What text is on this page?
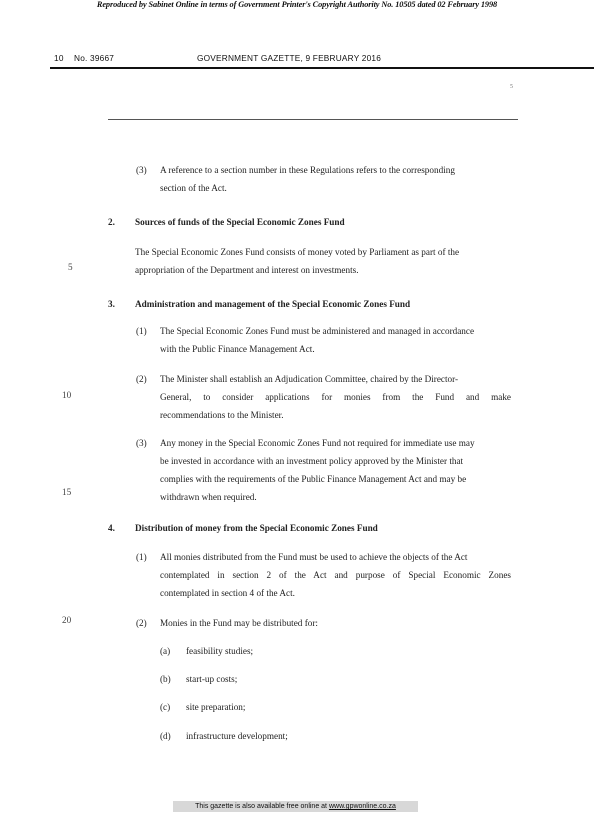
Reproduced by Sabinet Online in terms of Government Printer's Copyright Authority No. 10505 dated 02 February 1998
10 No. 39667	GOVERNMENT GAZETTE, 9 FEBRUARY 2016
5
5
10
15
20
(3) A reference to a section number in these Regulations refers to the corresponding
section of the Act.
2. Sources of funds of the Special Economic Zones Fund
The Special Economic Zones Fund consists of money voted by Parliament as part of the
appropriation of the Department and interest on investments.
3. Administration and management of the Special Economic Zones Fund
(1) The Special Economic Zones Fund must be administered and managed in accordance
with the Public Finance Management Act.
(2) The Minister shall establish an Adjudication Committee, chaired by the Director-
General, to consider applications for monies from the Fund and make
recommendations to the Minister.
(3) Any money in the Special Economic Zones Fund not required for immediate use may
be invested in accordance with an investment policy approved by the Minister that
complies with the requirements of the Public Finance Management Act and may be
withdrawn when required.
4. Distribution of money from the Special Economic Zones Fund
(1) All monies distributed from the Fund must be used to achieve the objects of the Act
contemplated in section 2 of the Act and purpose of Special Economic Zones
contemplated in section 4 of the Act.
(2) Monies in the Fund may be distributed for:
(a) feasibility studies;
(b) start-up costs;
(c) site preparation;
(d) infrastructure development;
This gazette is also available free online at www.gpwonline.co.za
